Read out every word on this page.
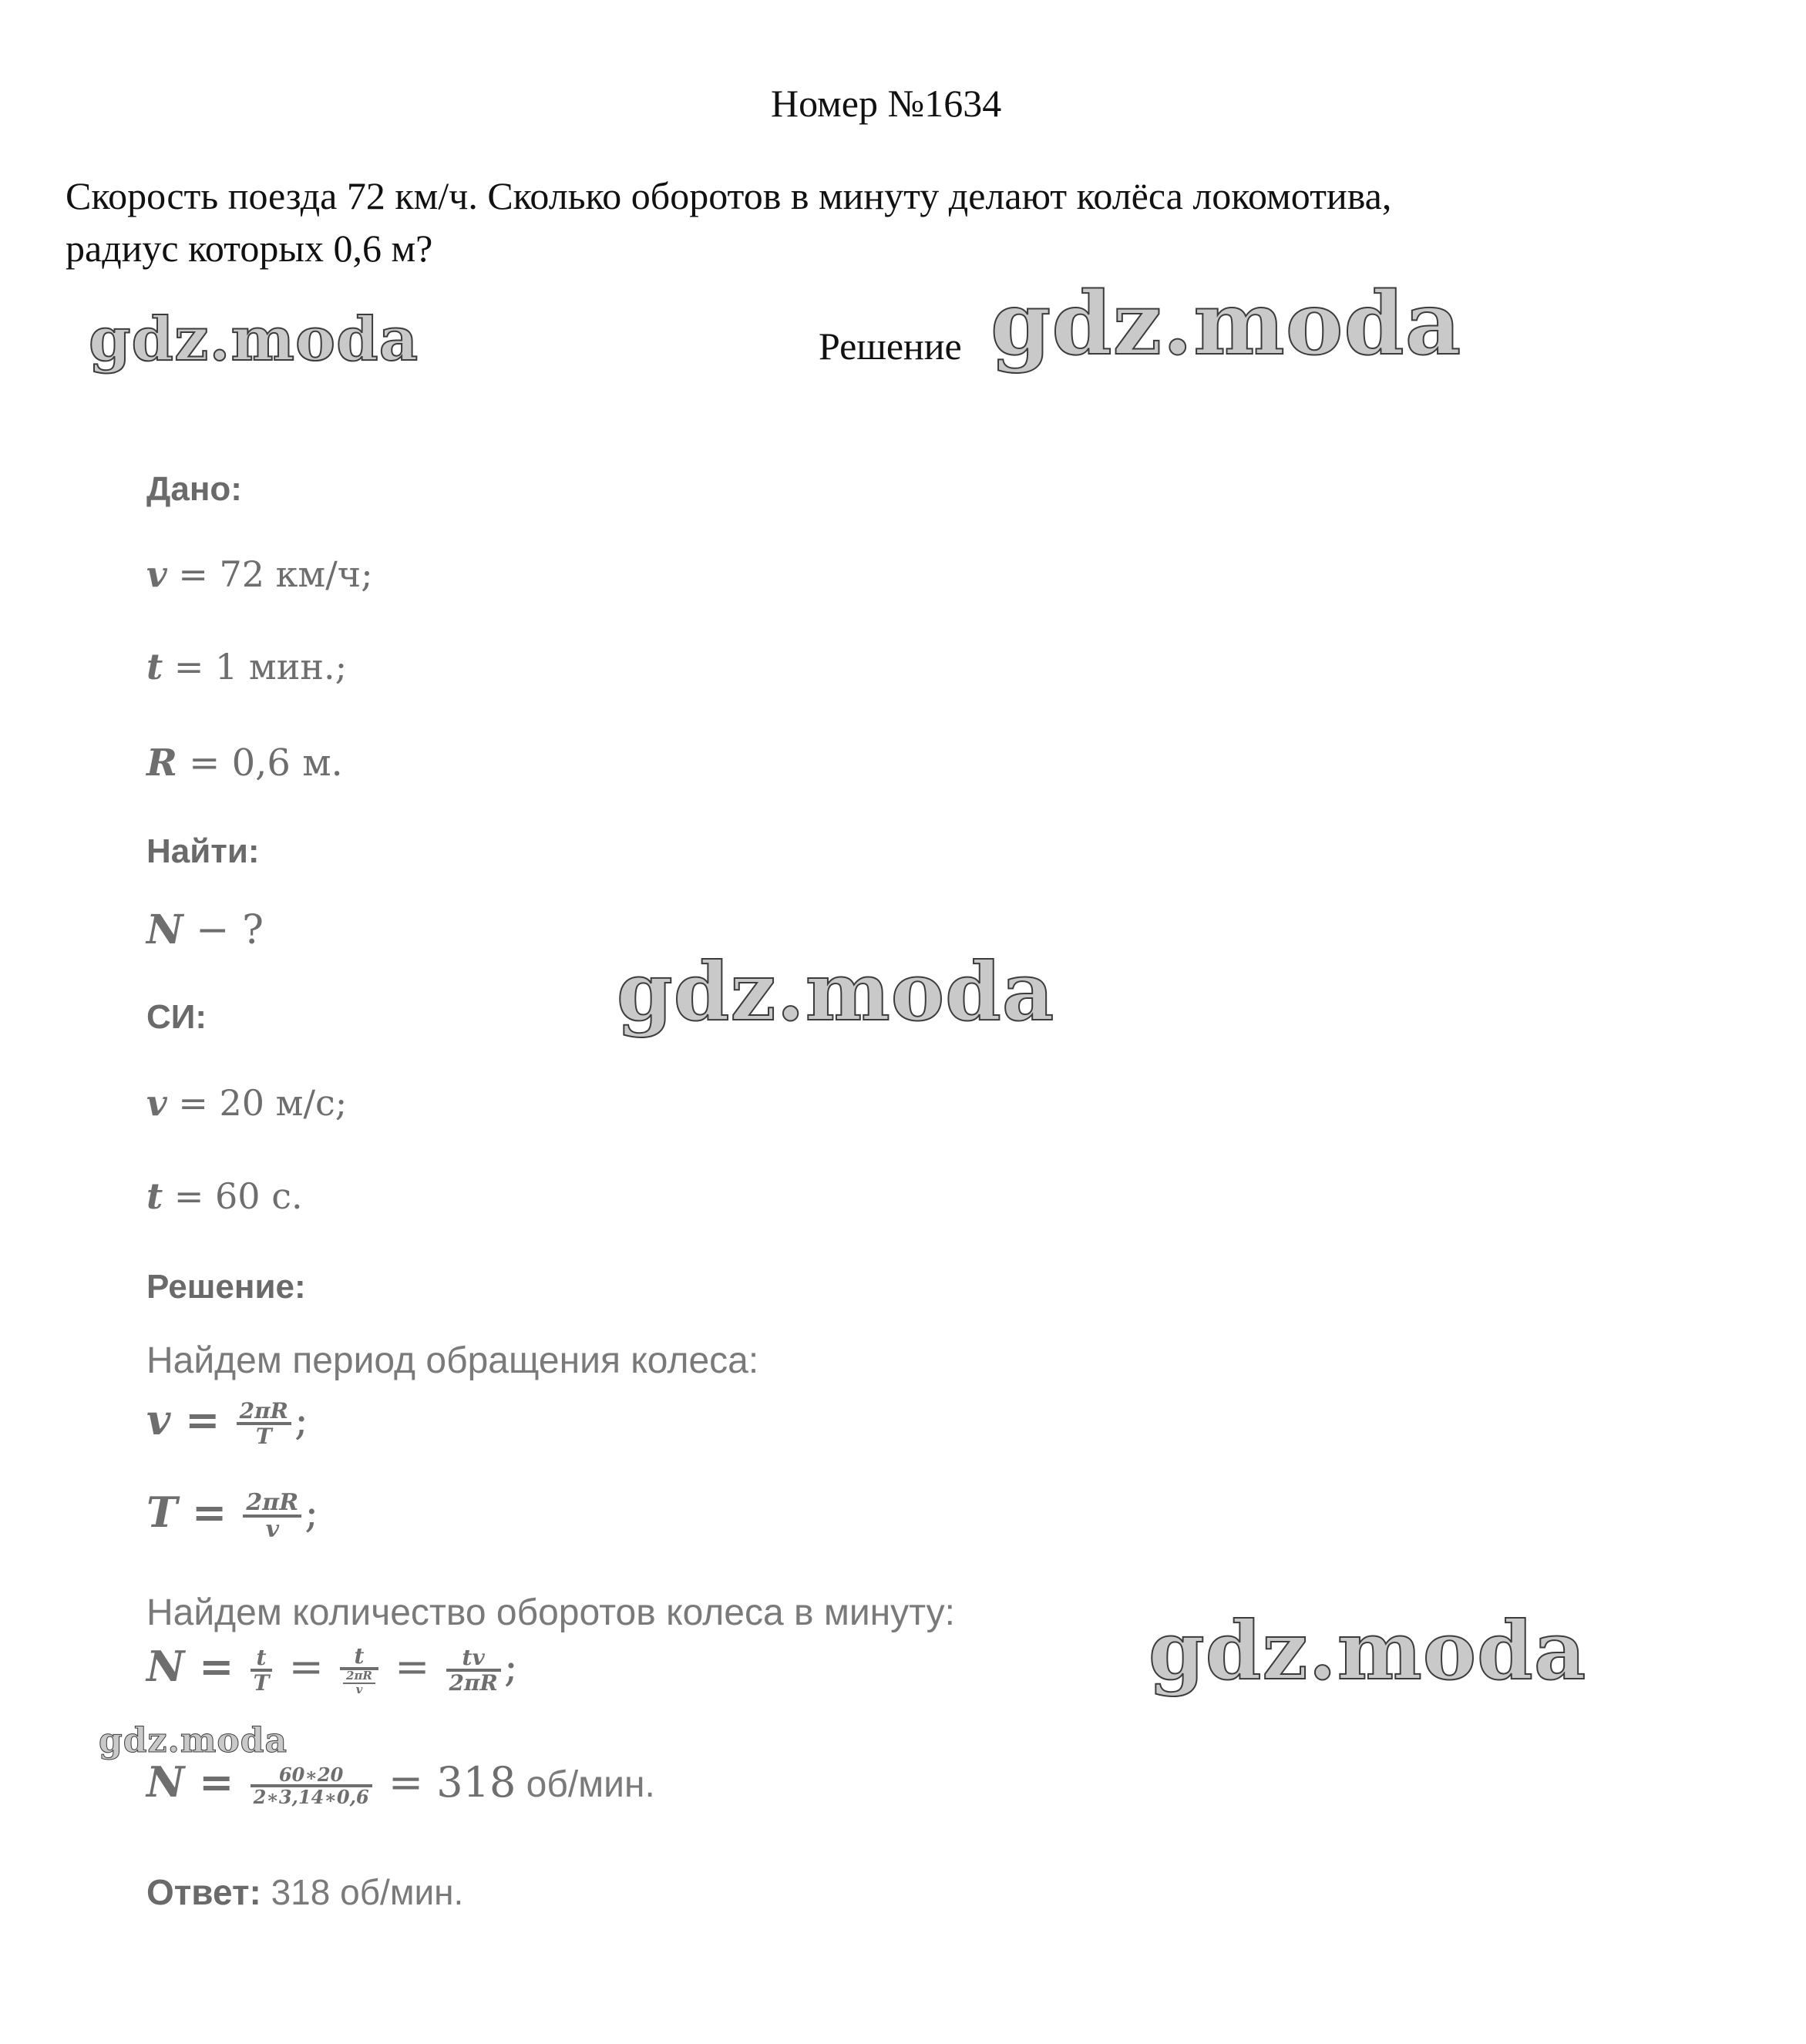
Номер №1634
Скорость поезда 72 км/ч. Сколько оборотов в минуту делают колёса локомотива,
радиус которых 0,6 м?
Решение
gdz.moda	gdz.moda
gdz.moda
gdz.moda
gdz.moda
Дано:
v = 72 км/ч;
t = 1 мин.;
R = 0,6 м.
Найти:
N − ?
СИ:
v = 20 м/с;
t = 60 с.
Решение:
Найдем период обращения колеса:
$v = \frac{2\pi R}{T}$ ;
$T = \frac{2\pi R}{v}$ ;
Найдем количество оборотов колеса в минуту:
$N = \frac{t}{T} = \frac{t}{\frac{2\pi R}{v}} = \frac{tv}{2\pi R}$ ;
$N = \frac{60∗20}{2∗3,14∗0,6} = 318$ об/мин.
Ответ: 318 об/мин.
